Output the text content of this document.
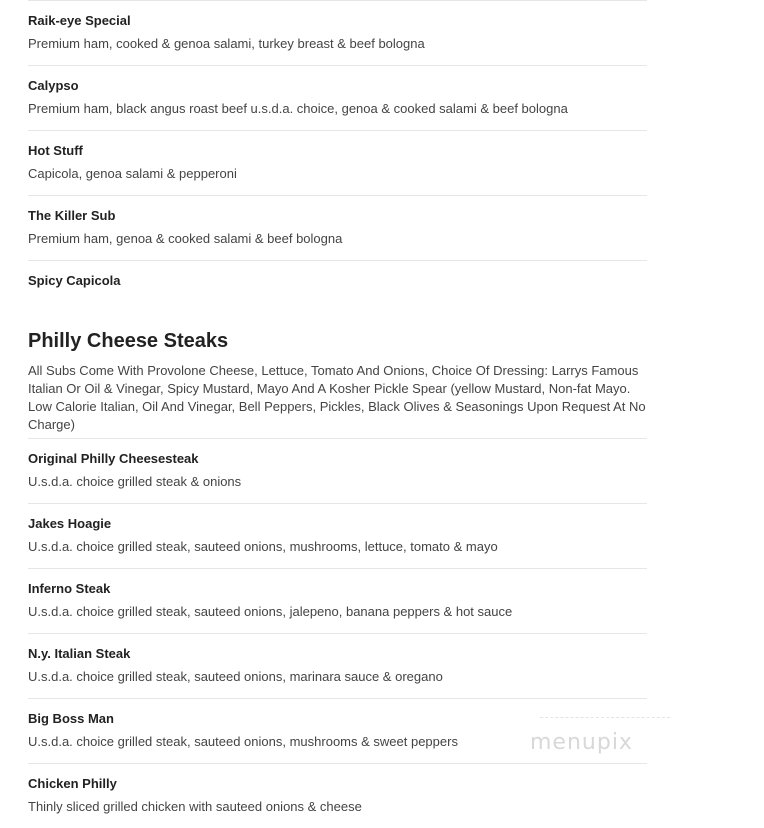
Raik-eye Special
Premium ham, cooked & genoa salami, turkey breast & beef bologna
Calypso
Premium ham, black angus roast beef u.s.d.a. choice, genoa & cooked salami & beef bologna
Hot Stuff
Capicola, genoa salami & pepperoni
The Killer Sub
Premium ham, genoa & cooked salami & beef bologna
Spicy Capicola
Philly Cheese Steaks
All Subs Come With Provolone Cheese, Lettuce, Tomato And Onions, Choice Of Dressing: Larrys Famous Italian Or Oil & Vinegar, Spicy Mustard, Mayo And A Kosher Pickle Spear (yellow Mustard, Non-fat Mayo. Low Calorie Italian, Oil And Vinegar, Bell Peppers, Pickles, Black Olives & Seasonings Upon Request At No Charge)
Original Philly Cheesesteak
U.s.d.a. choice grilled steak & onions
Jakes Hoagie
U.s.d.a. choice grilled steak, sauteed onions, mushrooms, lettuce, tomato & mayo
Inferno Steak
U.s.d.a. choice grilled steak, sauteed onions, jalepeno, banana peppers & hot sauce
N.y. Italian Steak
U.s.d.a. choice grilled steak, sauteed onions, marinara sauce & oregano
Big Boss Man
U.s.d.a. choice grilled steak, sauteed onions, mushrooms & sweet peppers
Chicken Philly
Thinly sliced grilled chicken with sauteed onions & cheese
menupix
